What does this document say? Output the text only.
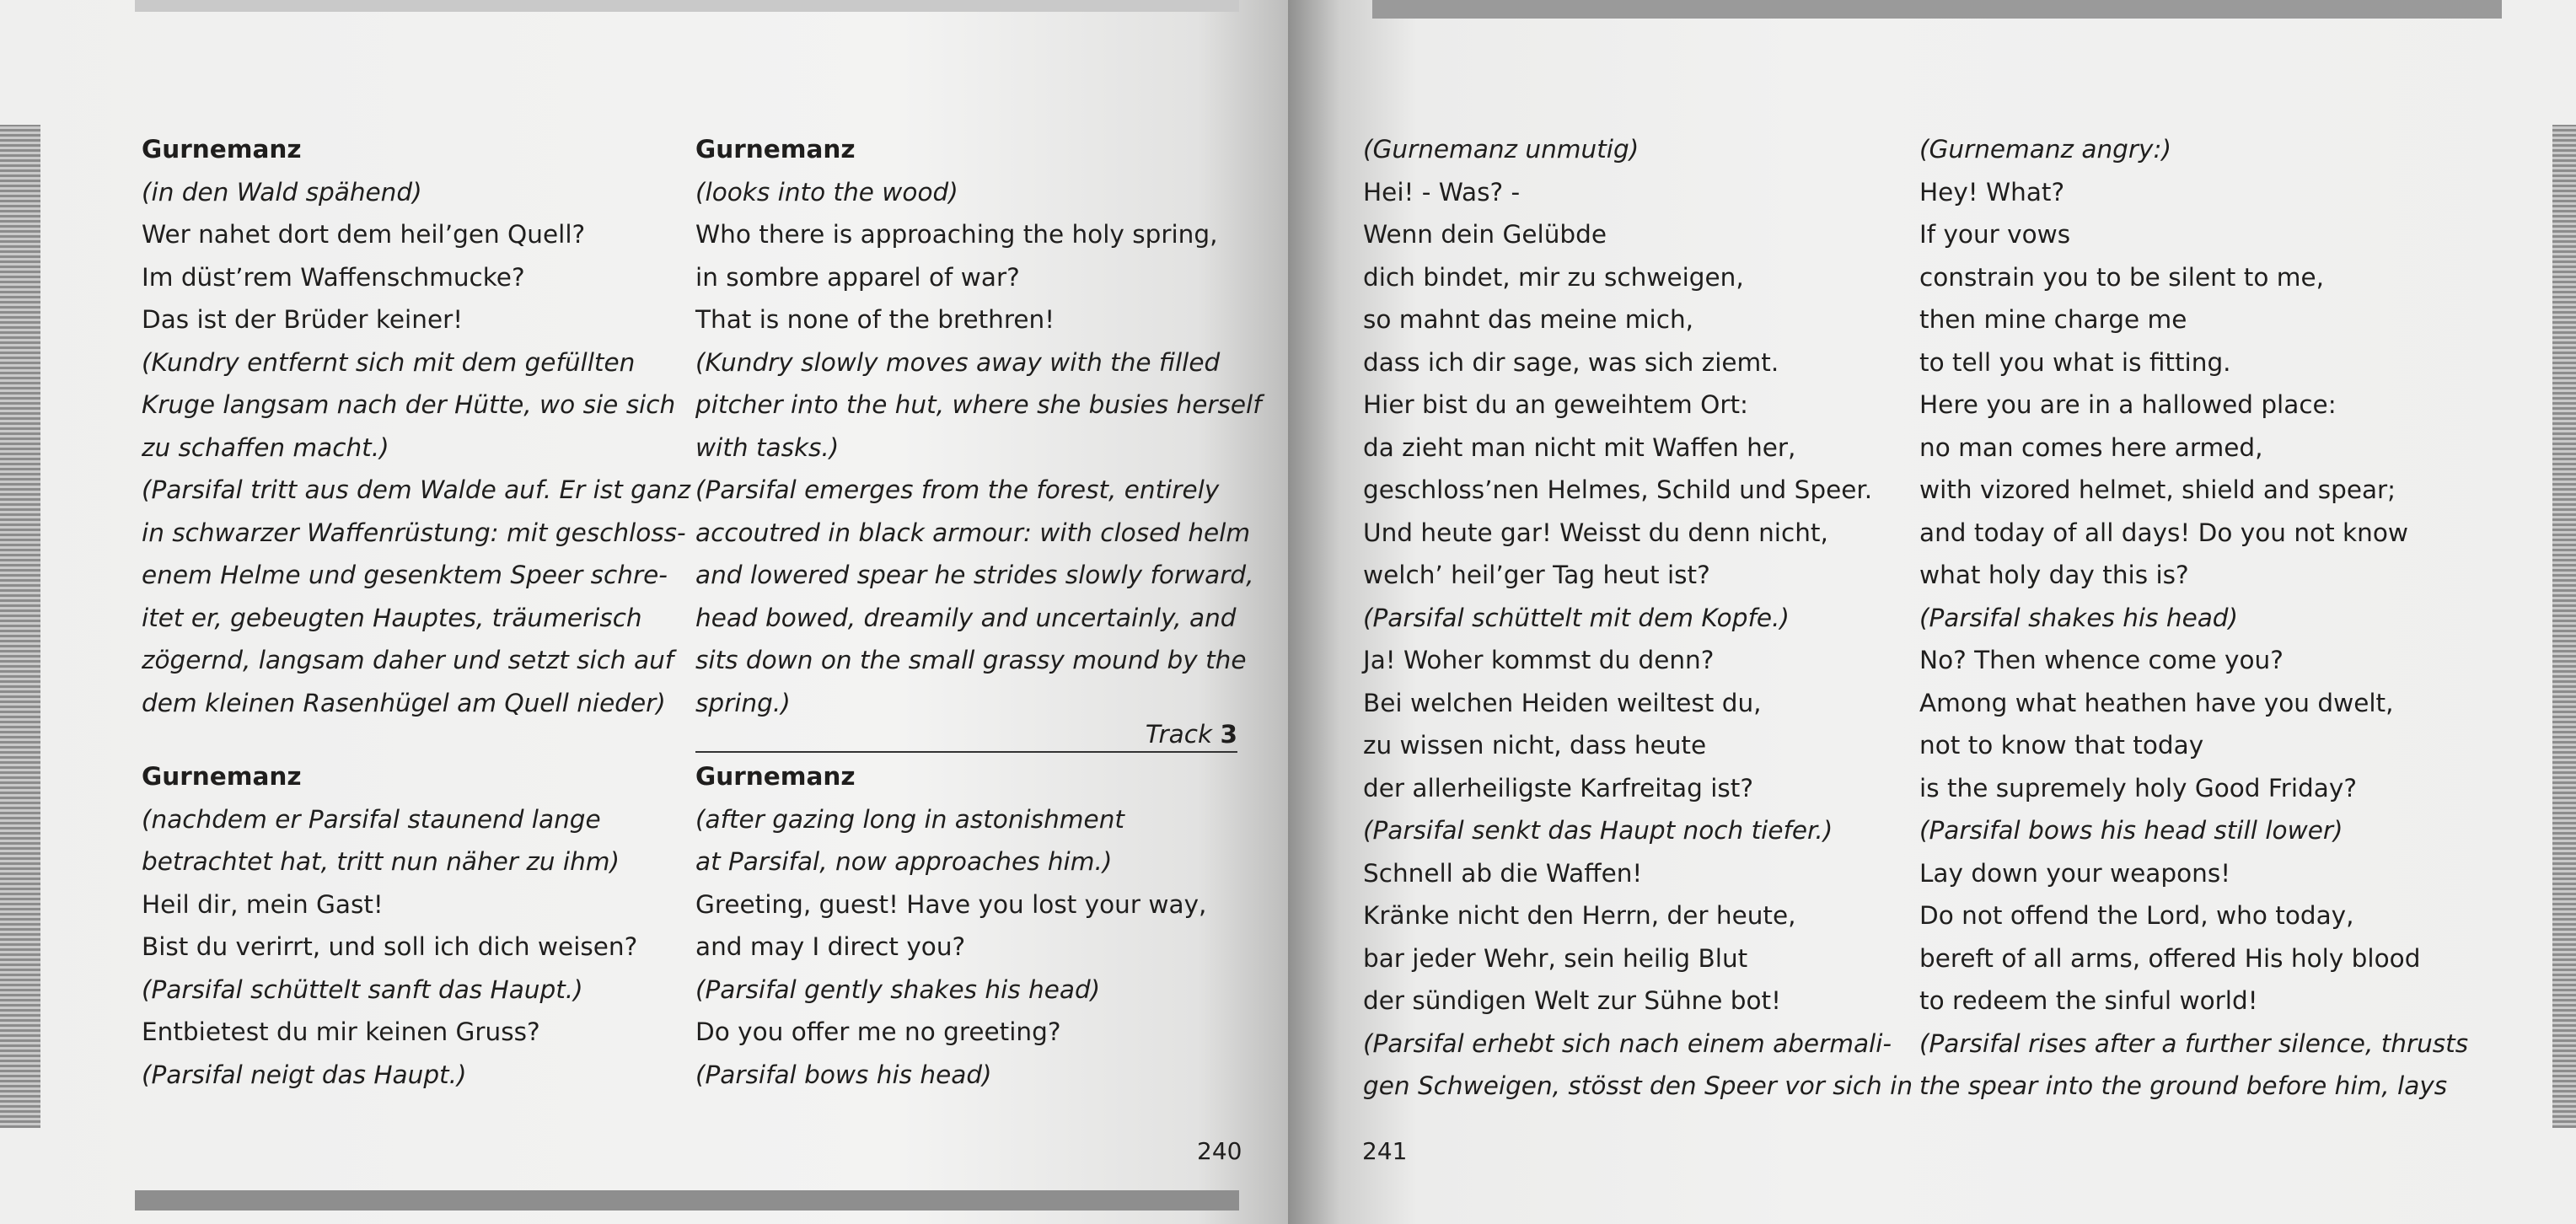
Gurnemanz
(in den Wald spähend)
Wer nahet dort dem heil’gen Quell?
Im düst’rem Waffenschmucke?
Das ist der Brüder keiner!
(Kundry entfernt sich mit dem gefüllten
Kruge langsam nach der Hütte, wo sie sich
zu schaffen macht.)
(Parsifal tritt aus dem Walde auf. Er ist ganz
in schwarzer Waffenrüstung: mit geschloss-
enem Helme und gesenktem Speer schre-
itet er, gebeugten Hauptes, träumerisch
zögernd, langsam daher und setzt sich auf
dem kleinen Rasenhügel am Quell nieder)
Gurnemanz
(nachdem er Parsifal staunend lange
betrachtet hat, tritt nun näher zu ihm)
Heil dir, mein Gast!
Bist du verirrt, und soll ich dich weisen?
(Parsifal schüttelt sanft das Haupt.)
Entbietest du mir keinen Gruss?
(Parsifal neigt das Haupt.)
Gurnemanz
(looks into the wood)
Who there is approaching the holy spring,
in sombre apparel of war?
That is none of the brethren!
(Kundry slowly moves away with the filled
pitcher into the hut, where she busies herself
with tasks.)
(Parsifal emerges from the forest, entirely
accoutred in black armour: with closed helm
and lowered spear he strides slowly forward,
head bowed, dreamily and uncertainly, and
sits down on the small grassy mound by the
spring.)
Gurnemanz
(after gazing long in astonishment
at Parsifal, now approaches him.)
Greeting, guest! Have you lost your way,
and may I direct you?
(Parsifal gently shakes his head)
Do you offer me no greeting?
(Parsifal bows his head)
Track 3
240
(Gurnemanz unmutig)
Hei! - Was? -
Wenn dein Gelübde
dich bindet, mir zu schweigen,
so mahnt das meine mich,
dass ich dir sage, was sich ziemt.
Hier bist du an geweihtem Ort:
da zieht man nicht mit Waffen her,
geschloss’nen Helmes, Schild und Speer.
Und heute gar! Weisst du denn nicht,
welch’ heil’ger Tag heut ist?
(Parsifal schüttelt mit dem Kopfe.)
Ja! Woher kommst du denn?
Bei welchen Heiden weiltest du,
zu wissen nicht, dass heute
der allerheiligste Karfreitag ist?
(Parsifal senkt das Haupt noch tiefer.)
Schnell ab die Waffen!
Kränke nicht den Herrn, der heute,
bar jeder Wehr, sein heilig Blut
der sündigen Welt zur Sühne bot!
(Parsifal erhebt sich nach einem abermali-
gen Schweigen, stösst den Speer vor sich in
(Gurnemanz angry:)
Hey! What?
If your vows
constrain you to be silent to me,
then mine charge me
to tell you what is fitting.
Here you are in a hallowed place:
no man comes here armed,
with vizored helmet, shield and spear;
and today of all days! Do you not know
what holy day this is?
(Parsifal shakes his head)
No? Then whence come you?
Among what heathen have you dwelt,
not to know that today
is the supremely holy Good Friday?
(Parsifal bows his head still lower)
Lay down your weapons!
Do not offend the Lord, who today,
bereft of all arms, offered His holy blood
to redeem the sinful world!
(Parsifal rises after a further silence, thrusts
the spear into the ground before him, lays
241
